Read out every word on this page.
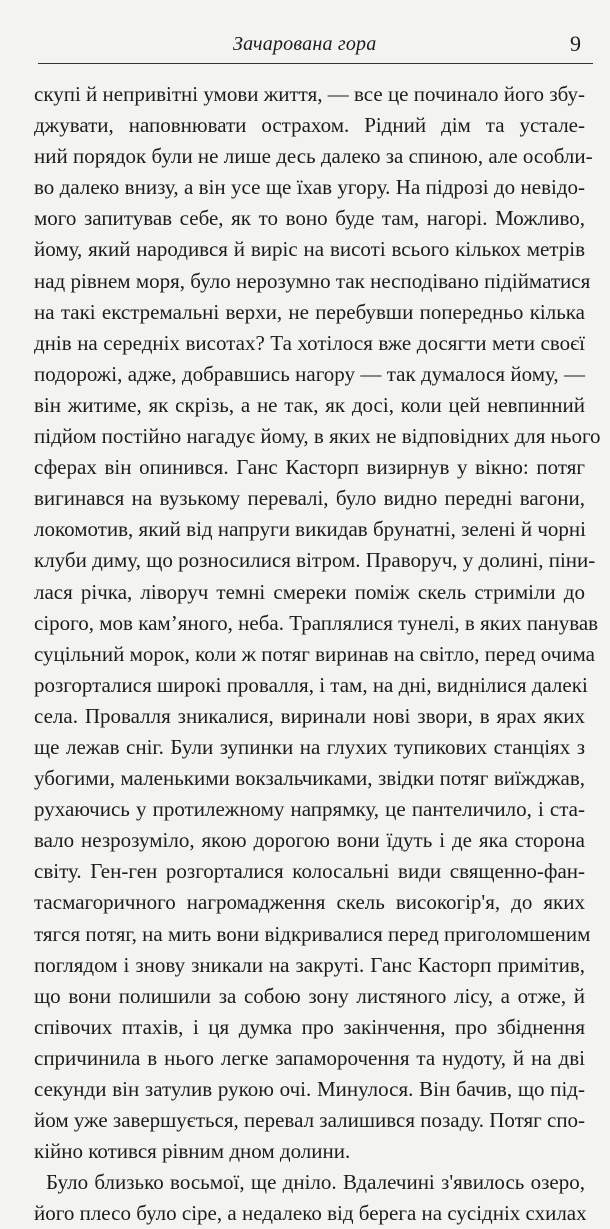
Зачарована гора	9
скупі й непривітні умови життя, — все це починало його збу-
джувати, наповнювати острахом. Рідний дім та устале-
ний порядок були не лише десь далеко за спиною, але особли-
во далеко внизу, а він усе ще їхав угору. На підрозі до невідо-
мого запитував себе, як то воно буде там, нагорі. Можливо,
йому, який народився й виріс на висоті всього кількох метрів
над рівнем моря, було нерозумно так несподівано підійматися
на такі екстремальні верхи, не перебувши попередньо кілька
днів на середніх висотах? Та хотілося вже досягти мети своєї
подорожі, адже, добравшись нагору — так думалося йому, —
він житиме, як скрізь, а не так, як досі, коли цей невпинний
підйом постійно нагадує йому, в яких не відповідних для нього
сферах він опинився. Ганс Касторп визирнув у вікно: потяг
вигинався на вузькому перевалі, було видно передні вагони,
локомотив, який від напруги викидав брунатні, зелені й чорні
клуби диму, що розносилися вітром. Праворуч, у долині, піни-
лася річка, ліворуч темні смереки поміж скель стриміли до
сірого, мов кам’яного, неба. Траплялися тунелі, в яких панував
суцільний морок, коли ж потяг виринав на світло, перед очима
розгорталися широкі провалля, і там, на дні, виднілися далекі
села. Провалля зникалися, виринали нові звори, в ярах яких
ще лежав сніг. Були зупинки на глухих тупикових станціях з
убогими, маленькими вокзальчиками, звідки потяг виїжджав,
рухаючись у протилежному напрямку, це пантеличило, і ста-
вало незрозуміло, якою дорогою вони їдуть і де яка сторона
світу. Ген-ген розгорталися колосальні види священно-фан-
тасмагоричного нагромадження скель високогір'я, до яких
тягся потяг, на мить вони відкривалися перед приголомшеним
поглядом і знову зникали на закруті. Ганс Касторп примітив,
що вони полишили за собою зону листяного лісу, а отже, й
співочих птахів, і ця думка про закінчення, про збіднення
спричинила в нього легке запаморочення та нудоту, й на дві
секунди він затулив рукою очі. Минулося. Він бачив, що під-
йом уже завершується, перевал залишився позаду. Потяг спо-
кійно котився рівним дном долини.
Було близько восьмої, ще дніло. Вдалечині з'явилось озеро,
його плесо було сіре, а недалеко від берега на сусідніх схилах
